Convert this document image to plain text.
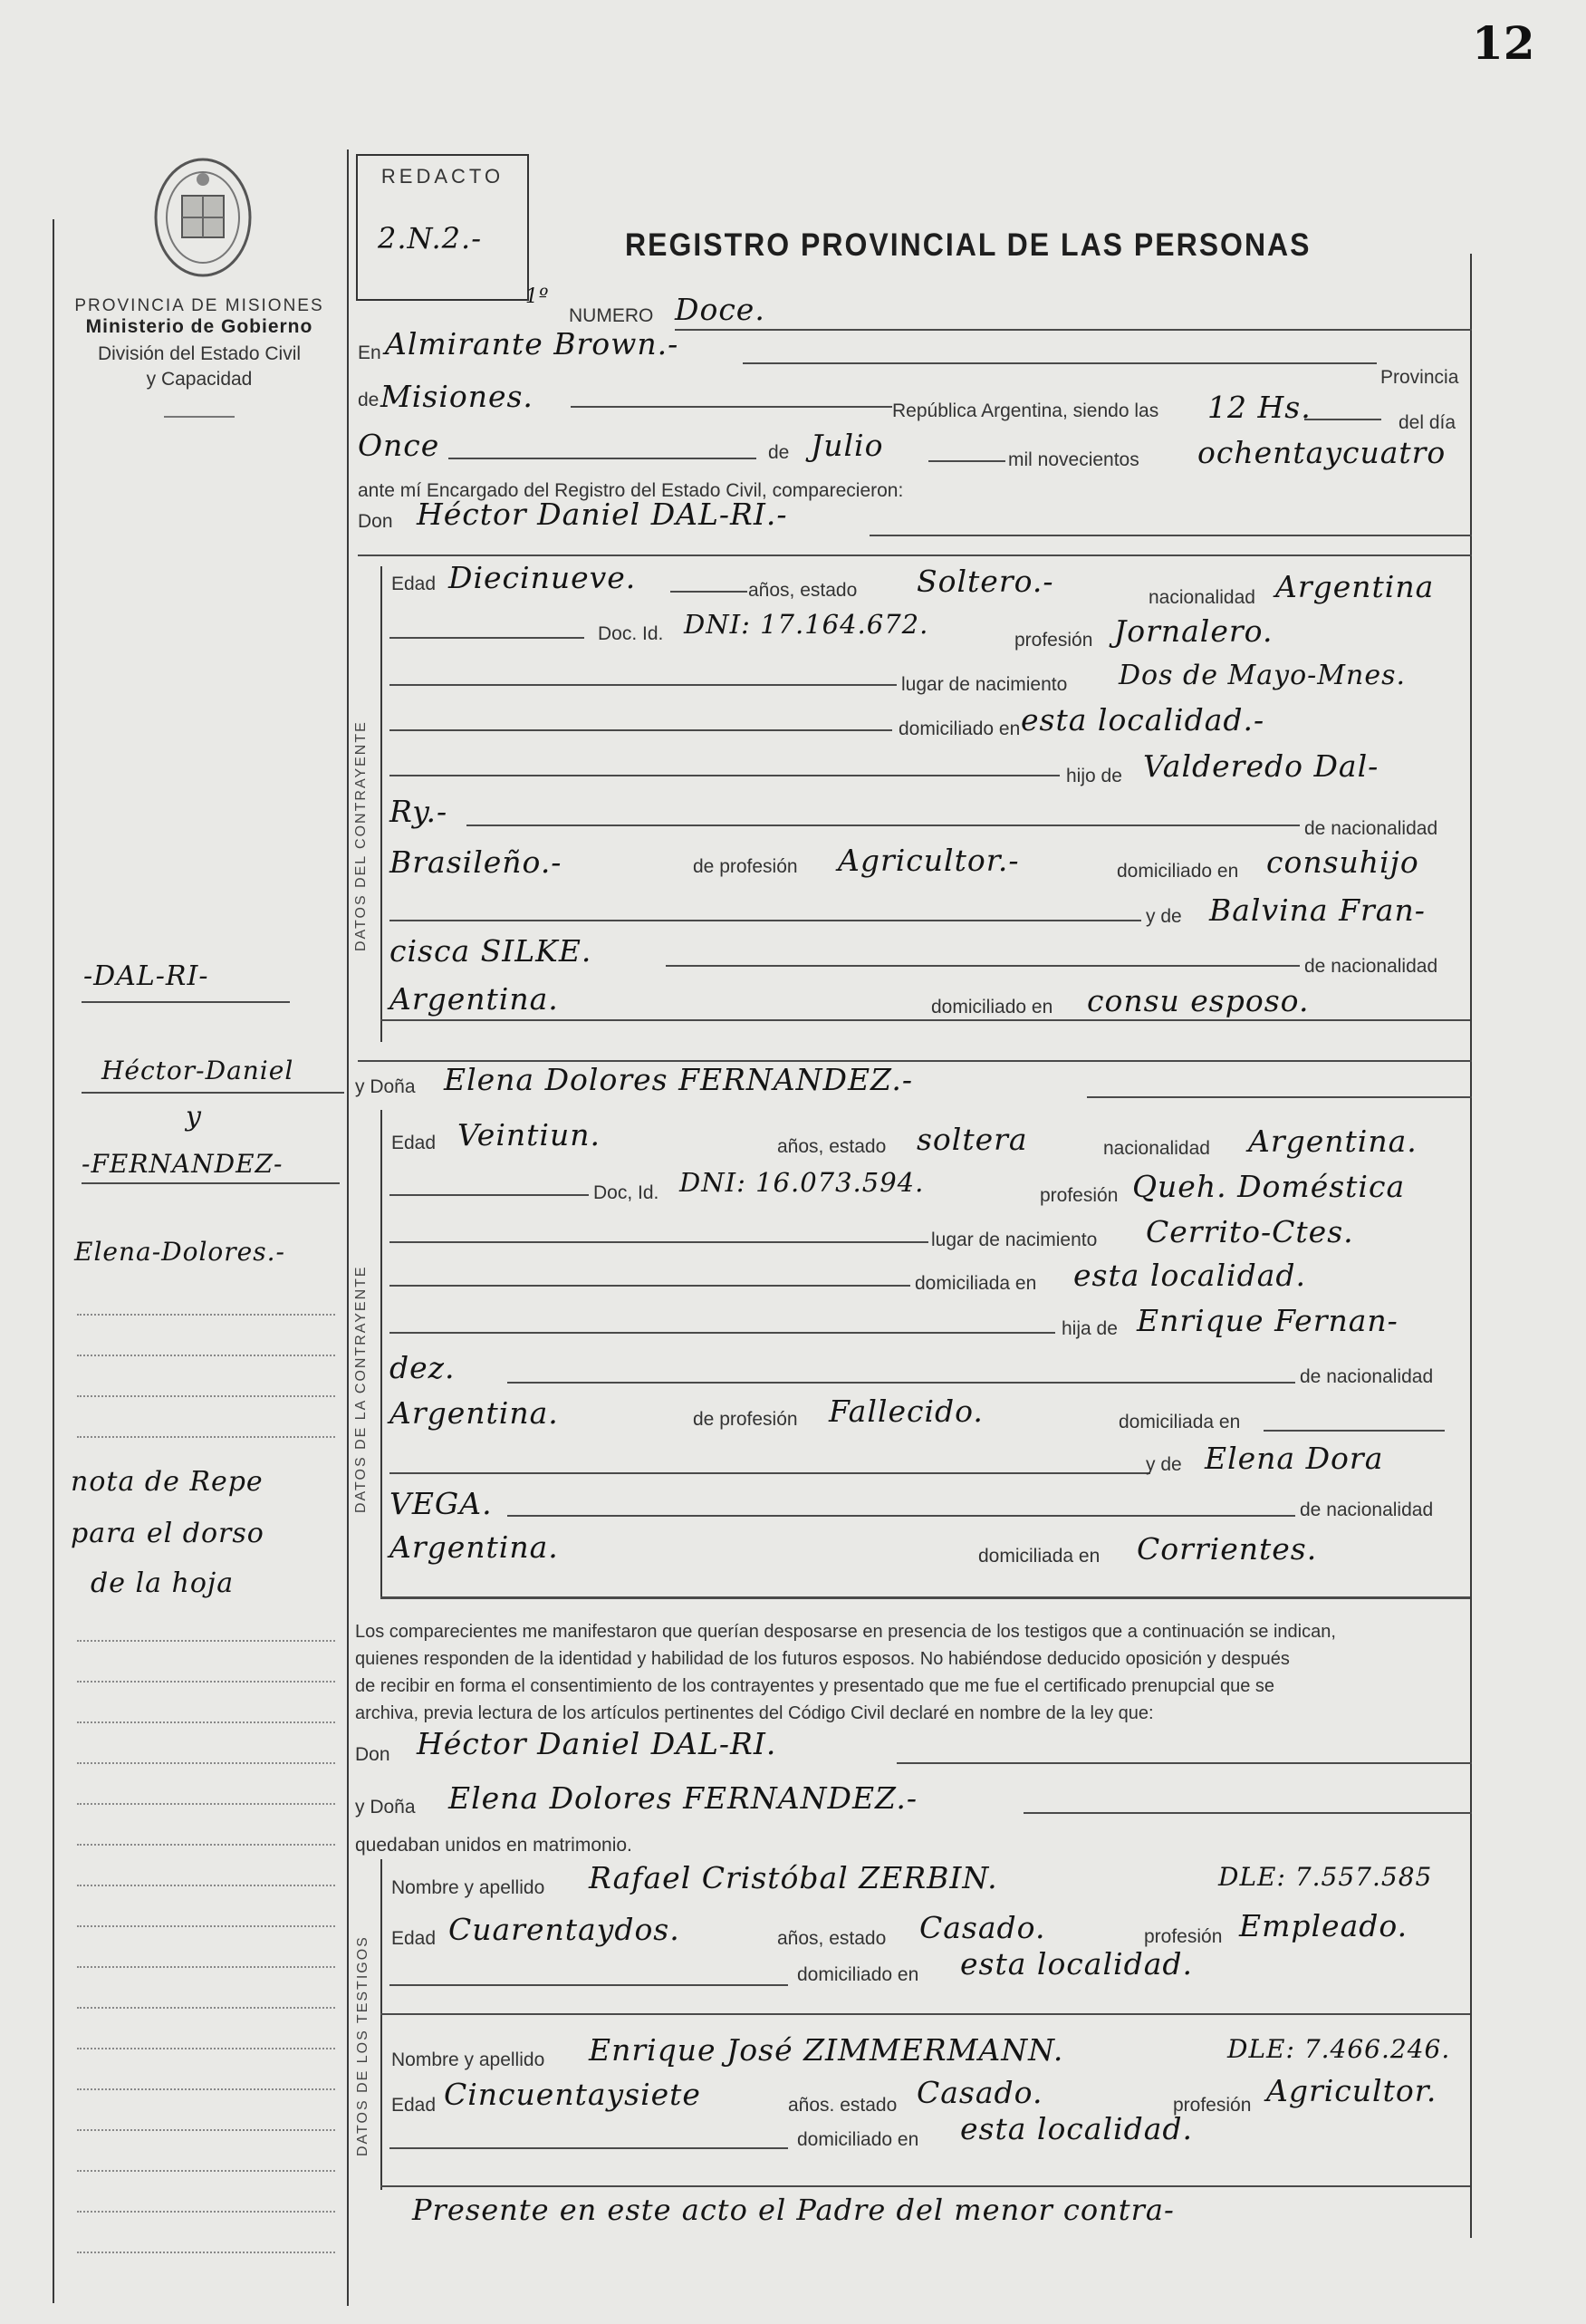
12
PROVINCIA DE MISIONES
Ministerio de Gobierno
División del Estado Civil
y Capacidad
REDACTO
2.N.2.-	REGISTRO PROVINCIAL DE LAS PERSONAS
NUMERO
1º	Doce.
En Almirante Brown.-
Provincia
de Misiones.	República Argentina, siendo las 12 Hs.	del día
Once	de Julio	mil novecientos ochentaycuatro
ante mí Encargado del Registro del Estado Civil, comparecieron:
Don Héctor Daniel DAL-RI.-
DATOS DEL CONTRAYENTE
Edad Diecinueve.	años, estado Soltero.-	nacionalidad Argentina
Doc. Id. DNI: 17.164.672.
profesión Jornalero.
lugar de nacimiento Dos de Mayo-Mnes.
domiciliado en esta localidad.-
hijo de Valderedo Dal-
Ry.-	de nacionalidad
Brasileño.-	de profesión Agricultor.-	domiciliado en consuhijo
y de Balvina Fran-
cisca SILKE.	de nacionalidad
Argentina.	domiciliado en consu esposo.
y Doña Elena Dolores FERNANDEZ.-
DATOS DE LA CONTRAYENTE
Edad Veintiun.	años, estado soltera	nacionalidad Argentina.
Doc, Id. DNI: 16.073.594.	profesión Queh. Doméstica
lugar de nacimiento Cerrito-Ctes.
domiciliada en esta localidad.
hija de Enrique Fernan-
dez.	de nacionalidad
Argentina.	de profesión Fallecido.	domiciliada en
y de Elena Dora
VEGA.	de nacionalidad
Argentina.	domiciliada en Corrientes.
Los comparecientes me manifestaron que querían desposarse en presencia de los testigos que a continuación se indican,
quienes responden de la identidad y habilidad de los futuros esposos. No habiéndose deducido oposición y después
de recibir en forma el consentimiento de los contrayentes y presentado que me fue el certificado prenupcial que se
archiva, previa lectura de los artículos pertinentes del Código Civil declaré en nombre de la ley que:
Don Héctor Daniel DAL-RI.
y Doña Elena Dolores FERNANDEZ.-
quedaban unidos en matrimonio.
DATOS DE LOS TESTIGOS
Nombre y apellido Rafael Cristóbal ZERBIN.	DLE: 7.557.585
Edad Cuarentaydos.	años, estado Casado.	profesión Empleado.
domiciliado en esta localidad.
Nombre y apellido Enrique José ZIMMERMANN.	DLE: 7.466.246.
Edad Cincuentaysiete	años. estado Casado.	profesión Agricultor.
domiciliado en esta localidad.
Presente en este acto el Padre del menor contra-
-DAL-RI-
Héctor-Daniel
y
-FERNANDEZ-
Elena-Dolores.-
nota de Repe
para el dorso
de la hoja
